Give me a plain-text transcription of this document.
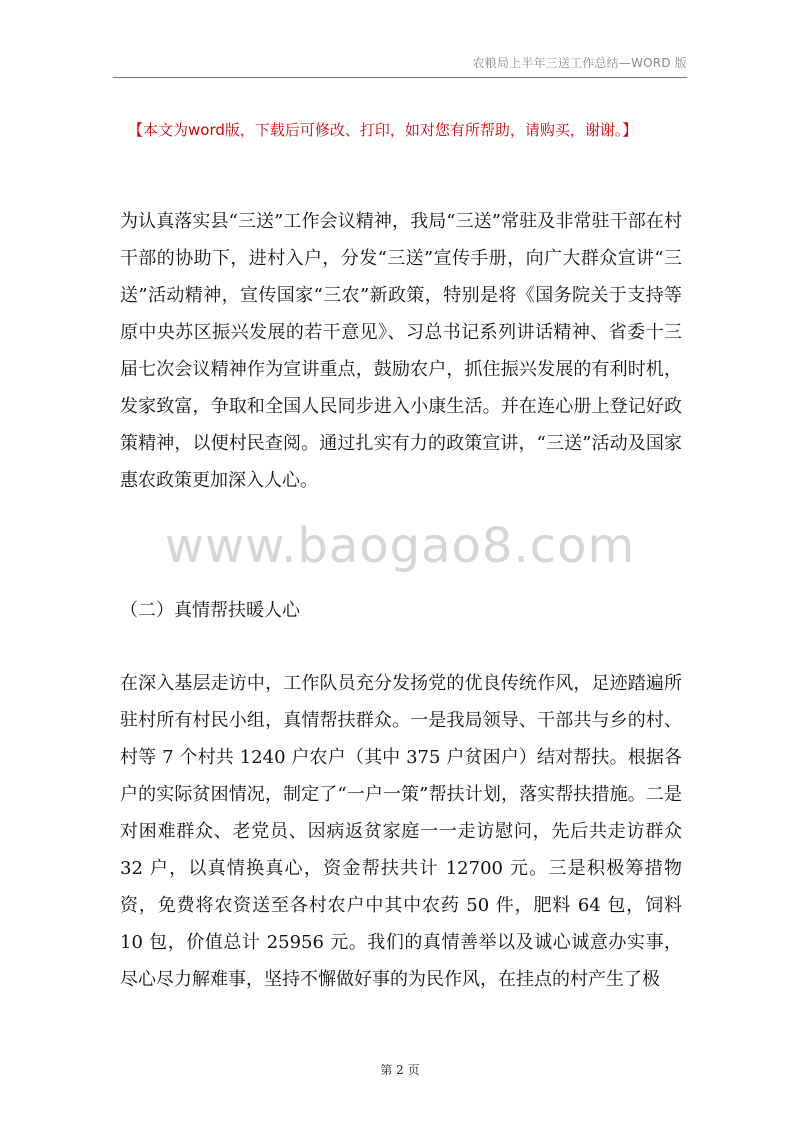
农粮局上半年三送工作总结—WORD 版
【本文为word版，下载后可修改、打印，如对您有所帮助，请购买，谢谢。】

为认真落实县“三送”工作会议精神，我局“三送”常驻及非常驻干部在村干部的协助下，进村入户，分发“三送”宣传手册，向广大群众宣讲“三送”活动精神，宣传国家“三农”新政策，特别是将《国务院关于支持等原中央苏区振兴发展的若干意见》、习总书记系列讲话精神、省委十三届七次会议精神作为宣讲重点，鼓励农户，抓住振兴发展的有利时机，发家致富，争取和全国人民同步进入小康生活。并在连心册上登记好政策精神，以便村民查阅。通过扎实有力的政策宣讲，“三送”活动及国家惠农政策更加深入人心。

www.baogao8.com

（二）真情帮扶暖人心

在深入基层走访中，工作队员充分发扬党的优良传统作风，足迹踏遍所驻村所有村民小组，真情帮扶群众。一是我局领导、干部共与乡的村、村等 7 个村共 1240 户农户（其中 375 户贫困户）结对帮扶。根据各户的实际贫困情况，制定了“一户一策”帮扶计划，落实帮扶措施。二是对困难群众、老党员、因病返贫家庭一一走访慰问，先后共走访群众 32 户，以真情换真心，资金帮扶共计 12700 元。三是积极筹措物资，免费将农资送至各村农户中其中农药 50 件，肥料 64 包，饲料 10 包，价值总计 25956 元。我们的真情善举以及诚心诚意办实事，尽心尽力解难事，坚持不懈做好事的为民作风，在挂点的村产生了极

第 2 页
